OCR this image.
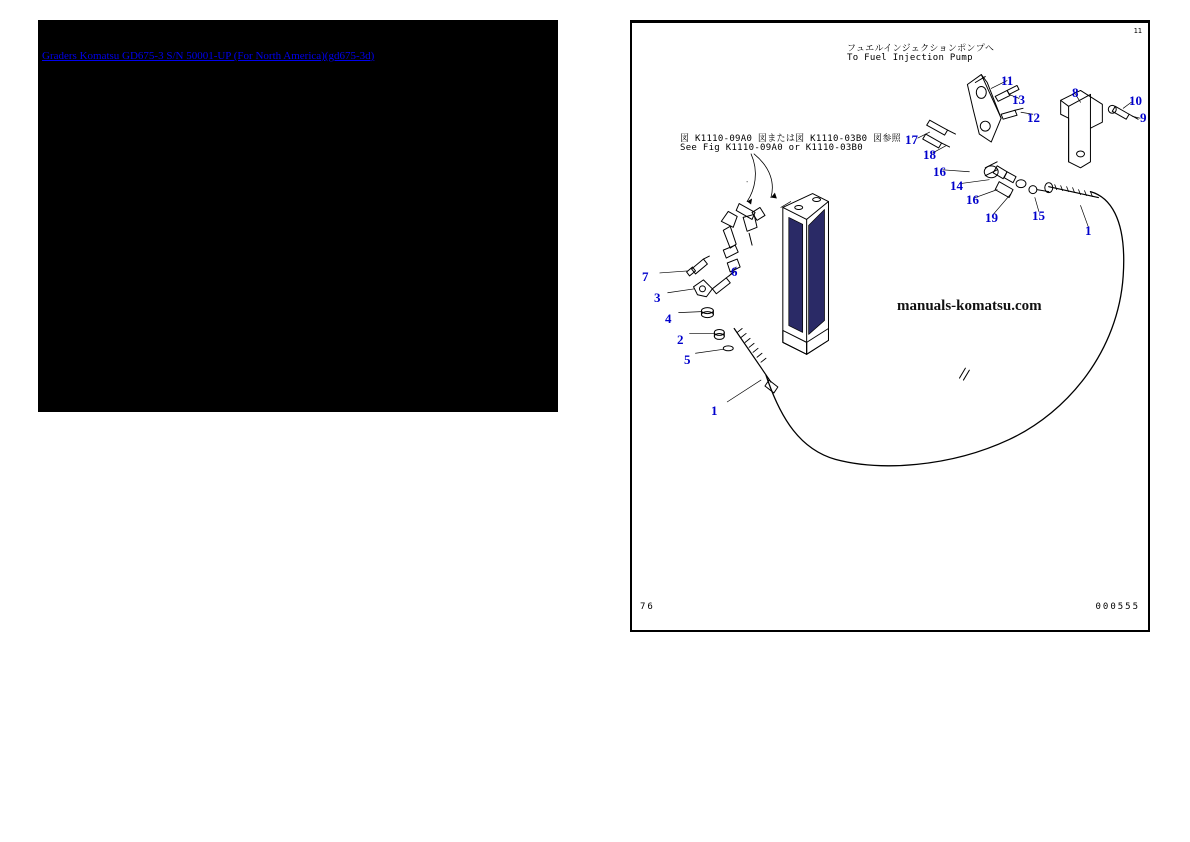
Graders Komatsu GD675-3 S/N 50001-UP (For North America)(gd675-3d)
11
フュエルインジェクションポンプへ
To Fuel Injection Pump
図 K1110-09A0 図または図 K1110-03B0 図参照
See Fig K1110-09A0 or K1110-03B0
manuals-komatsu.com
7
3
4
2
5
6
1
1
8
10
9
11
13
12
17
18
16
14
16
19	15
76	000555
